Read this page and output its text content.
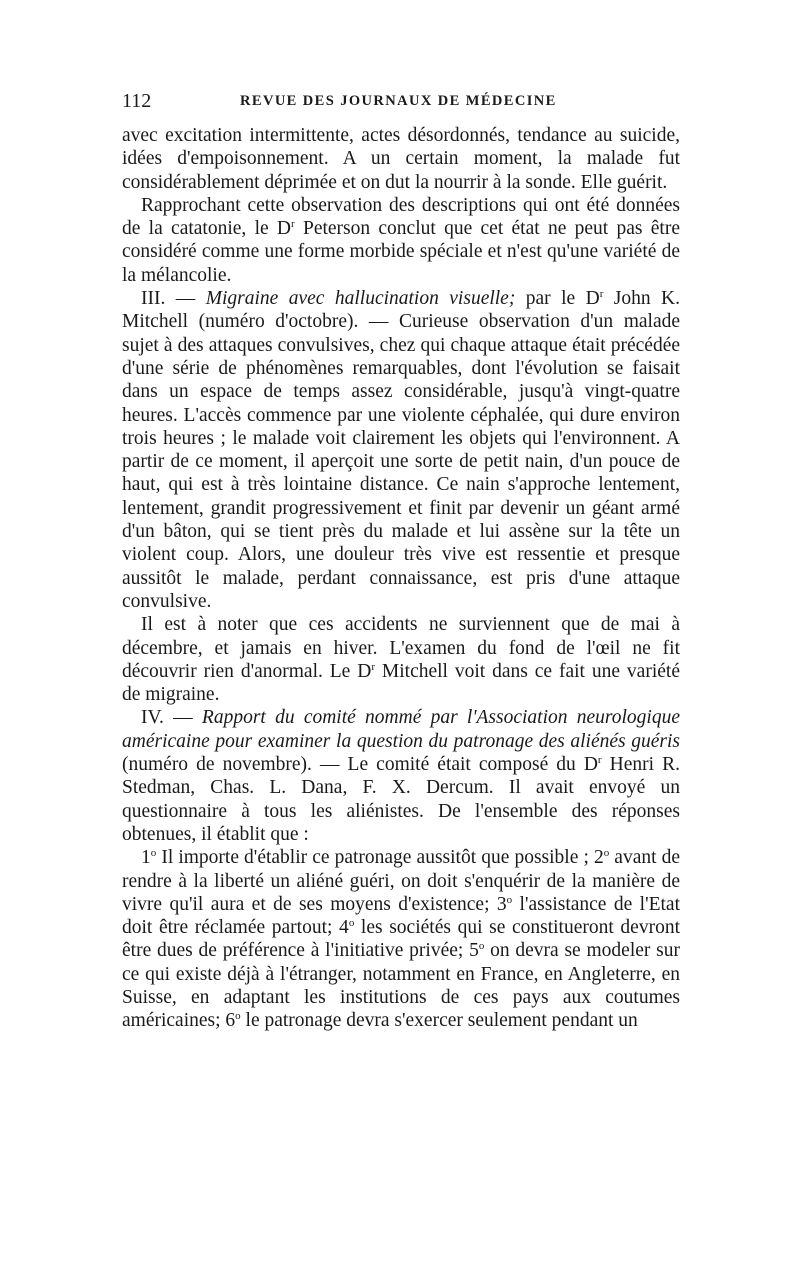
112	REVUE DES JOURNAUX DE MÉDECINE

avec excitation intermittente, actes désordonnés, tendance au suicide, idées d'empoisonnement. A un certain moment, la malade fut considérablement déprimée et on dut la nourrir à la sonde. Elle guérit.

Rapprochant cette observation des descriptions qui ont été données de la catatonie, le $D^r$ Peterson conclut que cet état ne peut pas être considéré comme une forme morbide spéciale et n'est qu'une variété de la mélancolie.

III. — Migraine avec hallucination visuelle; par le $D^r$ John K. Mitchell (numéro d'octobre). — Curieuse observation d'un malade sujet à des attaques convulsives, chez qui chaque attaque était précédée d'une série de phénomènes remarquables, dont l'évolution se faisait dans un espace de temps assez considérable, jusqu'à vingt-quatre heures. L'accès commence par une violente céphalée, qui dure environ trois heures ; le malade voit clairement les objets qui l'environnent. A partir de ce moment, il aperçoit une sorte de petit nain, d'un pouce de haut, qui est à très lointaine distance. Ce nain s'approche lentement, lentement, grandit progressivement et finit par devenir un géant armé d'un bâton, qui se tient près du malade et lui assène sur la tête un violent coup. Alors, une douleur très vive est ressentie et presque aussitôt le malade, perdant connaissance, est pris d'une attaque convulsive.

Il est à noter que ces accidents ne surviennent que de mai à décembre, et jamais en hiver. L'examen du fond de l'œil ne fit découvrir rien d'anormal. Le $D^r$ Mitchell voit dans ce fait une variété de migraine.

IV. — Rapport du comité nommé par l'Association neurologique américaine pour examiner la question du patronage des aliénés guéris (numéro de novembre). — Le comité était composé du $D^r$ Henri R. Stedman, Chas. L. Dana, F. X. Dercum. Il avait envoyé un questionnaire à tous les aliénistes. De l'ensemble des réponses obtenues, il établit que :

1$^o$ Il importe d'établir ce patronage aussitôt que possible ; 2$^o$ avant de rendre à la liberté un aliéné guéri, on doit s'enquérir de la manière de vivre qu'il aura et de ses moyens d'existence; 3$^o$ l'assistance de l'Etat doit être réclamée partout; 4$^o$ les sociétés qui se constitueront devront être dues de préférence à l'initiative privée; 5$^o$ on devra se modeler sur ce qui existe déjà à l'étranger, notamment en France, en Angleterre, en Suisse, en adaptant les institutions de ces pays aux coutumes américaines; 6$^o$ le patronage devra s'exercer seulement pendant un
